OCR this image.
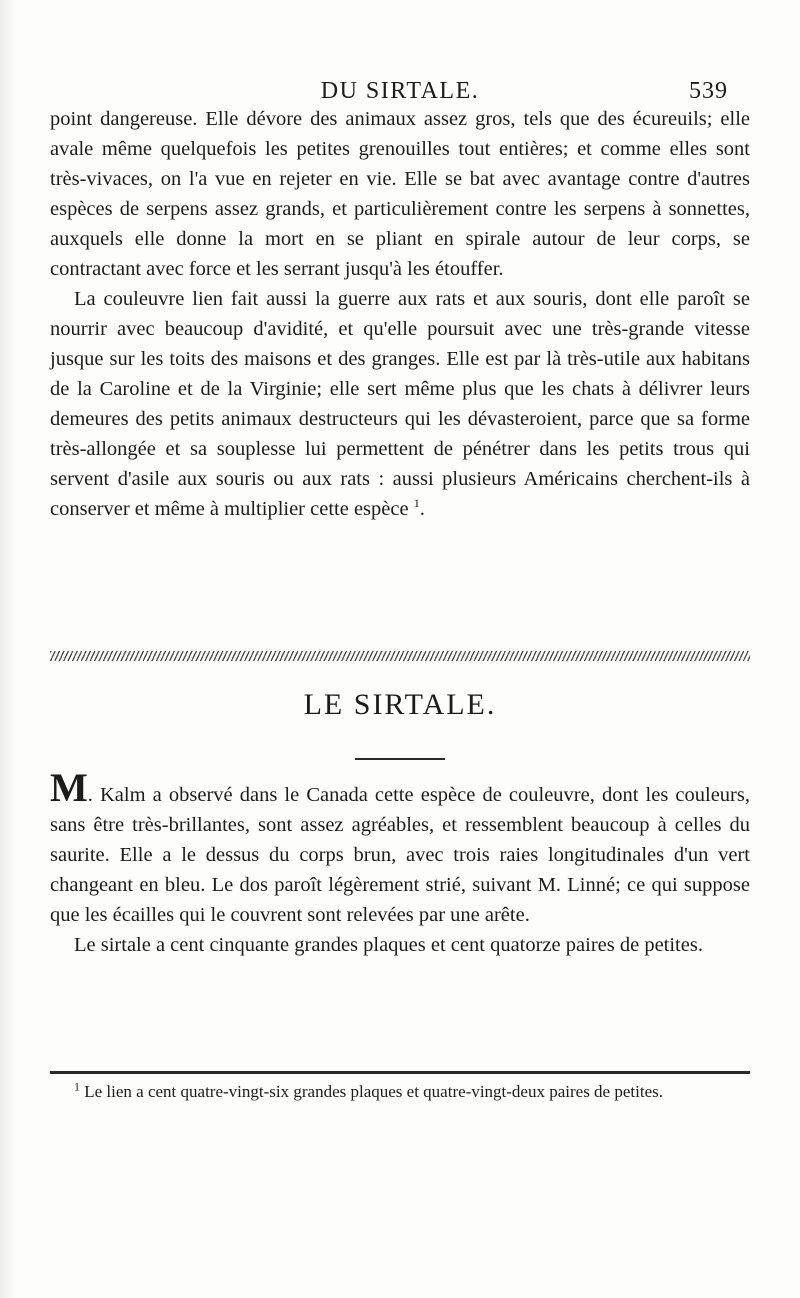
DU SIRTALE.	539

point dangereuse. Elle dévore des animaux assez gros, tels que des écureuils; elle avale même quelquefois les petites grenouilles tout entières; et comme elles sont très-vivaces, on l'a vue en rejeter en vie. Elle se bat avec avantage contre d'autres espèces de serpens assez grands, et particulièrement contre les serpens à sonnettes, auxquels elle donne la mort en se pliant en spirale autour de leur corps, se contractant avec force et les serrant jusqu'à les étouffer.

La couleuvre lien fait aussi la guerre aux rats et aux souris, dont elle paroît se nourrir avec beaucoup d'avidité, et qu'elle poursuit avec une très-grande vitesse jusque sur les toits des maisons et des granges. Elle est par là très-utile aux habitans de la Caroline et de la Virginie; elle sert même plus que les chats à délivrer leurs demeures des petits animaux destructeurs qui les dévasteroient, parce que sa forme très-allongée et sa souplesse lui permettent de pénétrer dans les petits trous qui servent d'asile aux souris ou aux rats : aussi plusieurs Américains cherchent-ils à conserver et même à multiplier cette espèce $^1$.

LE SIRTALE.

M. Kalm a observé dans le Canada cette espèce de couleuvre, dont les couleurs, sans être très-brillantes, sont assez agréables, et ressemblent beaucoup à celles du saurite. Elle a le dessus du corps brun, avec trois raies longitudinales d'un vert changeant en bleu. Le dos paroît légèrement strié, suivant M. Linné; ce qui suppose que les écailles qui le couvrent sont relevées par une arête.

Le sirtale a cent cinquante grandes plaques et cent quatorze paires de petites.

$^1$ Le lien a cent quatre-vingt-six grandes plaques et quatre-vingt-deux paires de petites.
